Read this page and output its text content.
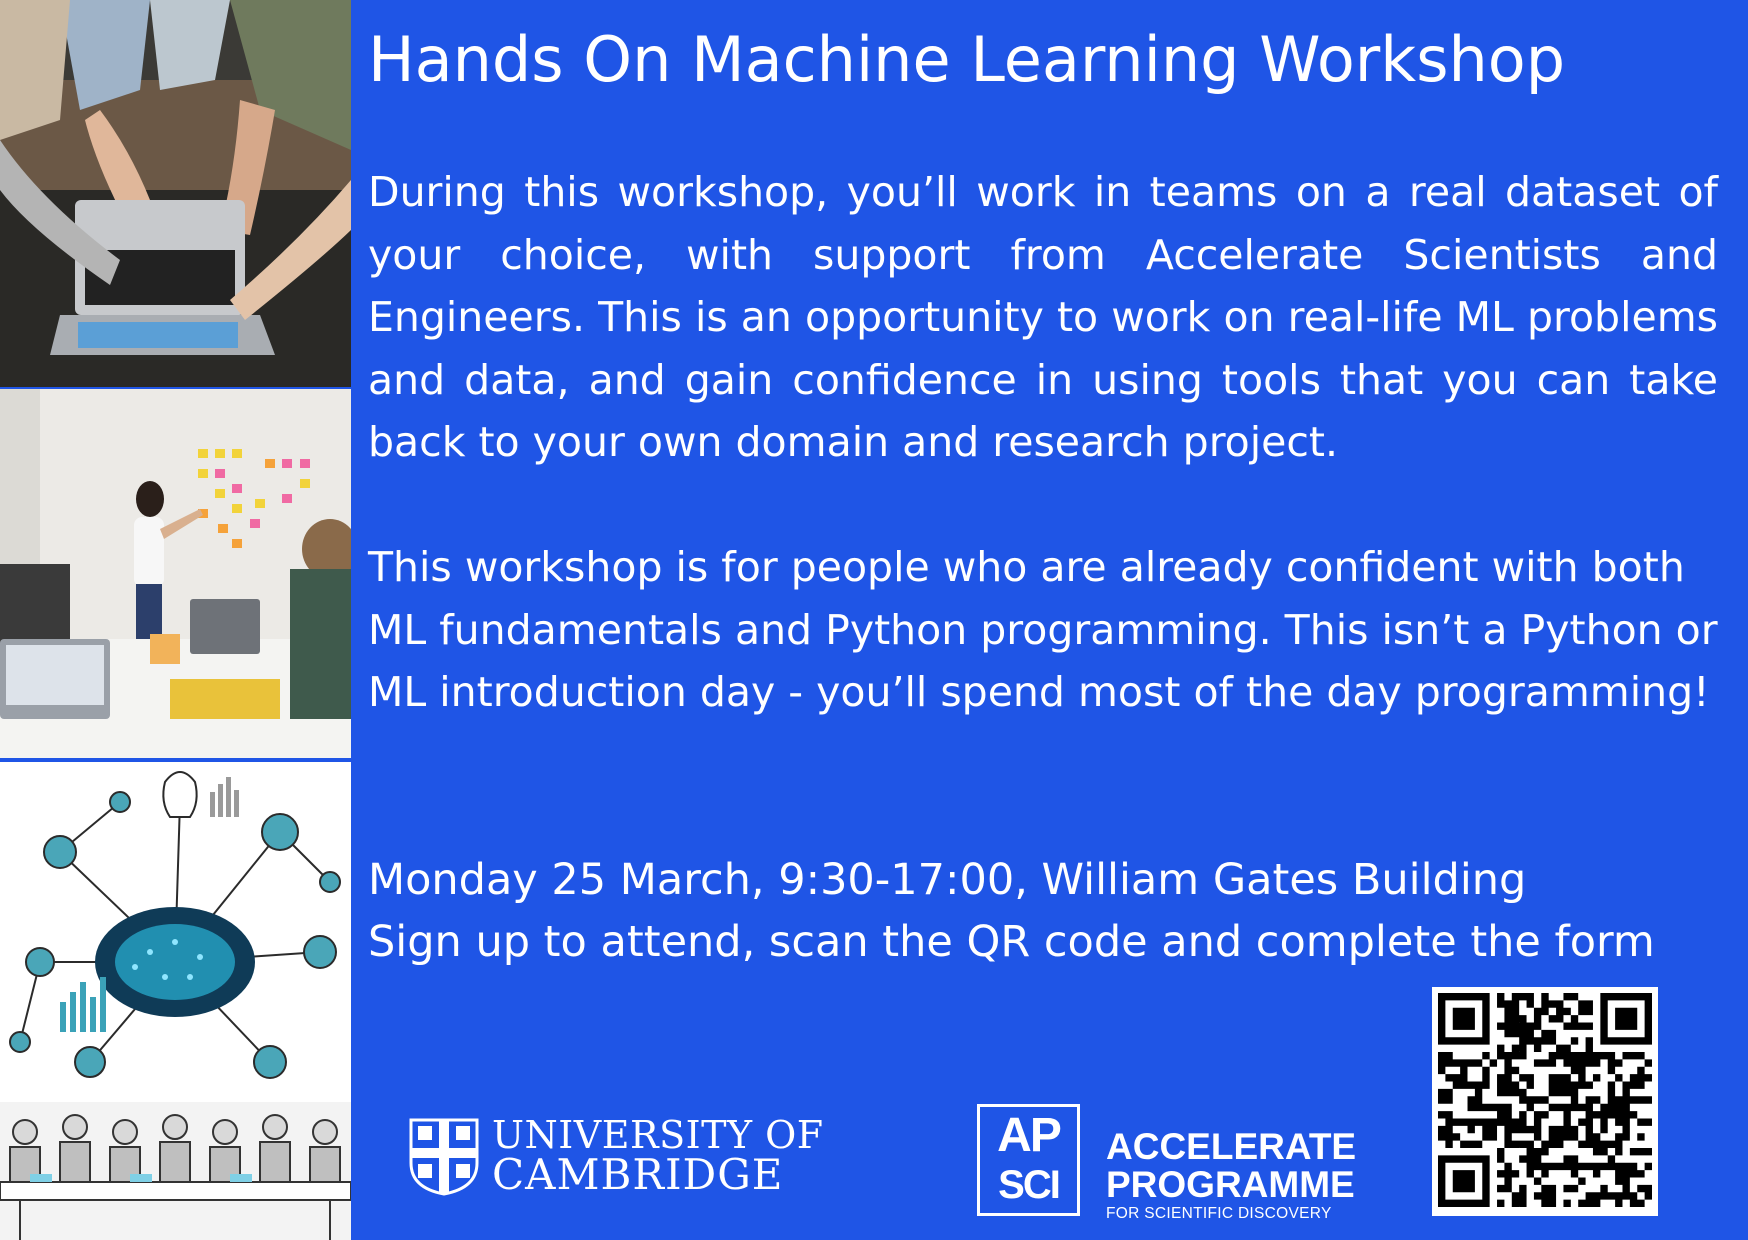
Hands On Machine Learning Workshop
During this workshop, you’ll work in teams on a real dataset of your choice, with support from Accelerate Scientists and Engineers. This is an opportunity to work on real-life ML problems and data, and gain confidence in using tools that you can take back to your own domain and research project.
This workshop is for people who are already confident with both ML fundamentals and Python programming. This isn’t a Python or ML introduction day - you’ll spend most of the day programming!
Monday 25 March, 9:30-17:00, William Gates Building
Sign up to attend, scan the QR code and complete the form
UNIVERSITY OF
CAMBRIDGE
AP
SCI
ACCELERATE
PROGRAMME
FOR SCIENTIFIC DISCOVERY
